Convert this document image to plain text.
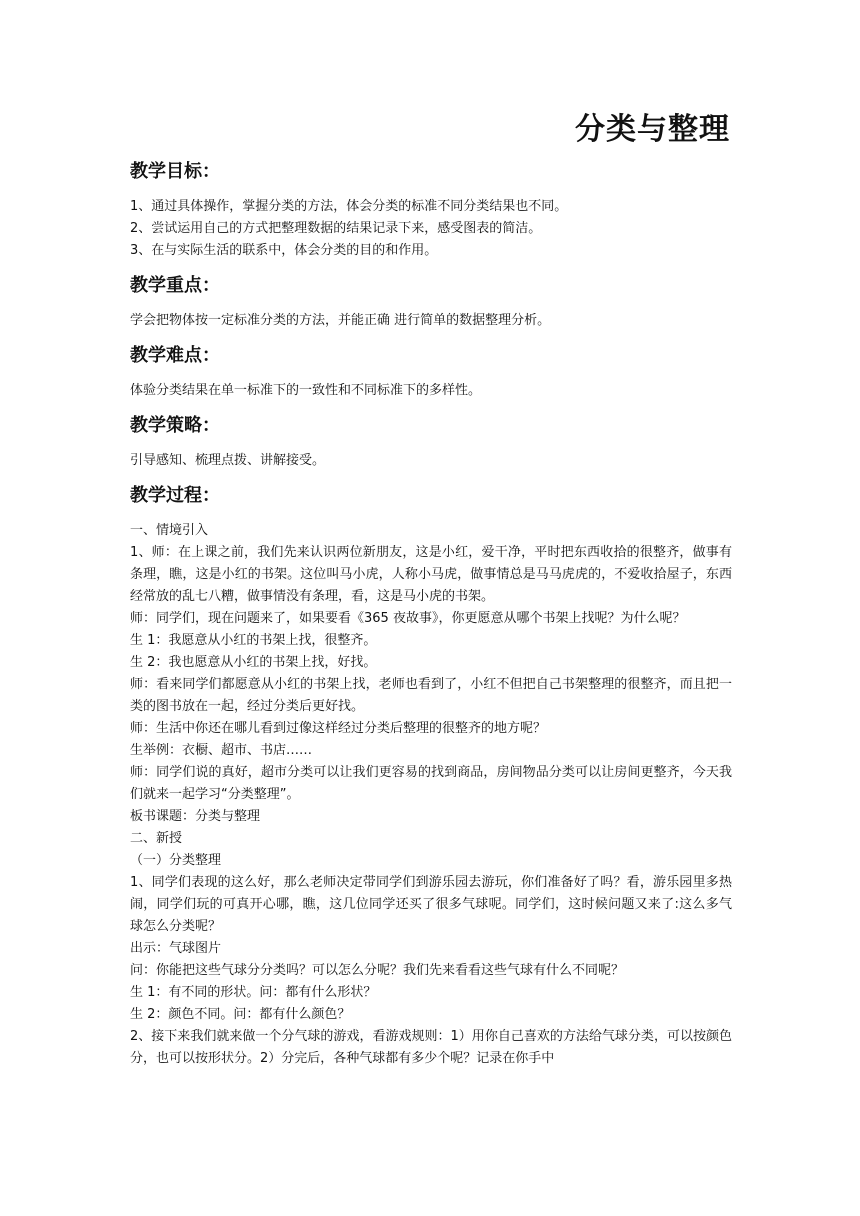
分类与整理
教学目标：

1、通过具体操作，掌握分类的方法，体会分类的标准不同分类结果也不同。

2、尝试运用自己的方式把整理数据的结果记录下来，感受图表的简洁。

3、在与实际生活的联系中，体会分类的目的和作用。

教学重点：

学会把物体按一定标准分类的方法，并能正确 进行简单的数据整理分析。

教学难点：

体验分类结果在单一标准下的一致性和不同标准下的多样性。

教学策略：

引导感知、梳理点拨、讲解接受。

教学过程：

一、情境引入

1、师：在上课之前，我们先来认识两位新朋友，这是小红，爱干净，平时把东西收拾的很整齐，做事有条理，瞧，这是小红的书架。这位叫马小虎，人称小马虎，做事情总是马马虎虎的，不爱收拾屋子，东西经常放的乱七八糟，做事情没有条理，看，这是马小虎的书架。

师：同学们，现在问题来了，如果要看《365 夜故事》，你更愿意从哪个书架上找呢？为什么呢？

生 1：我愿意从小红的书架上找，很整齐。

生 2：我也愿意从小红的书架上找，好找。

师：看来同学们都愿意从小红的书架上找，老师也看到了，小红不但把自己书架整理的很整齐，而且把一类的图书放在一起，经过分类后更好找。

师：生活中你还在哪儿看到过像这样经过分类后整理的很整齐的地方呢？

生举例：衣橱、超市、书店……

师：同学们说的真好，超市分类可以让我们更容易的找到商品，房间物品分类可以让房间更整齐，今天我们就来一起学习“分类整理”。

板书课题：分类与整理

二、新授

（一）分类整理

1、同学们表现的这么好，那么老师决定带同学们到游乐园去游玩，你们准备好了吗？看，游乐园里多热闹，同学们玩的可真开心哪，瞧，这几位同学还买了很多气球呢。同学们，这时候问题又来了:这么多气球怎么分类呢？

出示：气球图片

问：你能把这些气球分分类吗？可以怎么分呢？我们先来看看这些气球有什么不同呢？

生 1：有不同的形状。问：都有什么形状？

生 2：颜色不同。问：都有什么颜色？

2、接下来我们就来做一个分气球的游戏，看游戏规则：1）用你自己喜欢的方法给气球分类，可以按颜色分，也可以按形状分。2）分完后，各种气球都有多少个呢？记录在你手中
